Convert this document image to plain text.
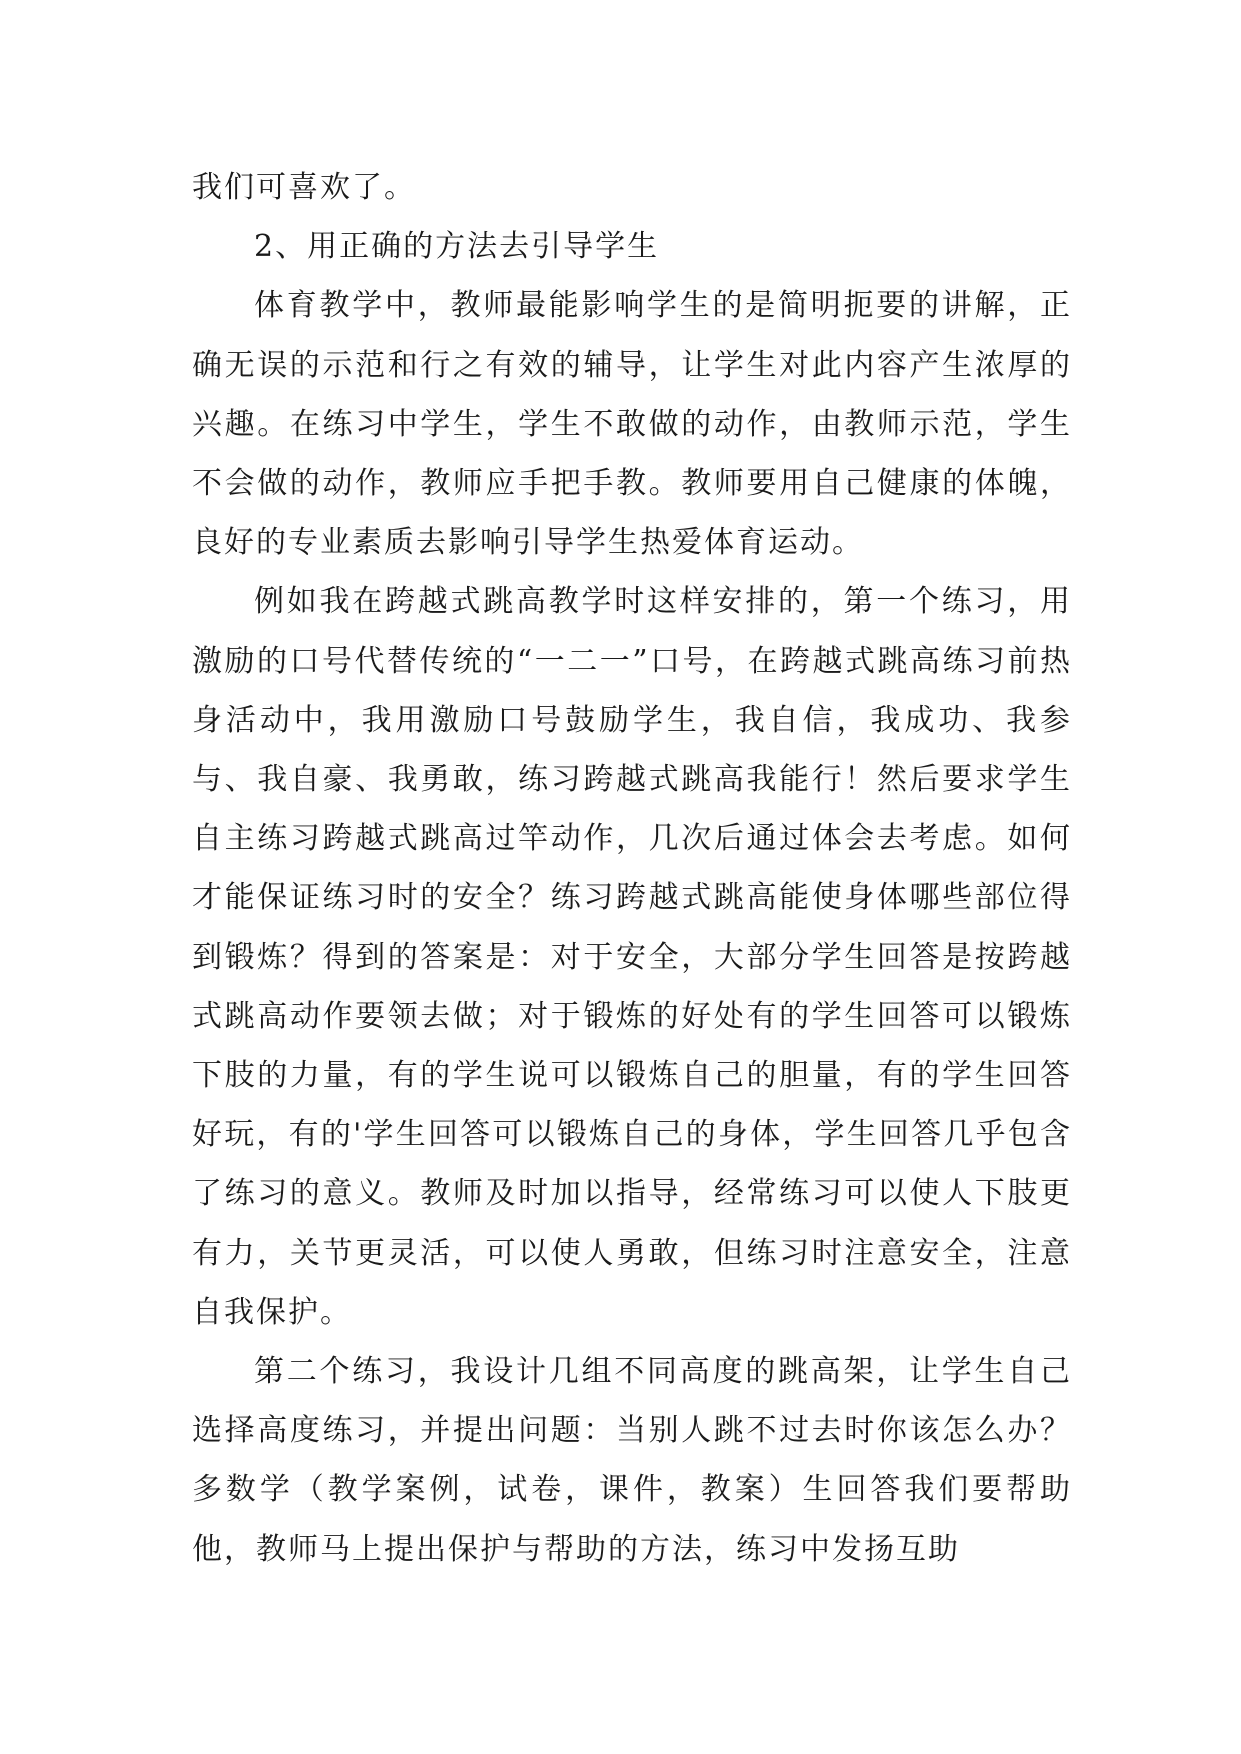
我们可喜欢了。

2、用正确的方法去引导学生

体育教学中，教师最能影响学生的是简明扼要的讲解，正确无误的示范和行之有效的辅导，让学生对此内容产生浓厚的兴趣。在练习中学生，学生不敢做的动作，由教师示范，学生不会做的动作，教师应手把手教。教师要用自己健康的体魄，良好的专业素质去影响引导学生热爱体育运动。

例如我在跨越式跳高教学时这样安排的，第一个练习，用激励的口号代替传统的“一二一”口号，在跨越式跳高练习前热身活动中，我用激励口号鼓励学生，我自信，我成功、我参与、我自豪、我勇敢，练习跨越式跳高我能行！然后要求学生自主练习跨越式跳高过竿动作，几次后通过体会去考虑。如何才能保证练习时的安全？练习跨越式跳高能使身体哪些部位得到锻炼？得到的答案是：对于安全，大部分学生回答是按跨越式跳高动作要领去做；对于锻炼的好处有的学生回答可以锻炼下肢的力量，有的学生说可以锻炼自己的胆量，有的学生回答好玩，有的'学生回答可以锻炼自己的身体，学生回答几乎包含了练习的意义。教师及时加以指导，经常练习可以使人下肢更有力，关节更灵活，可以使人勇敢，但练习时注意安全，注意自我保护。

第二个练习，我设计几组不同高度的跳高架，让学生自己选择高度练习，并提出问题：当别人跳不过去时你该怎么办？多数学（教学案例，试卷，课件，教案）生回答我们要帮助他，教师马上提出保护与帮助的方法，练习中发扬互助
